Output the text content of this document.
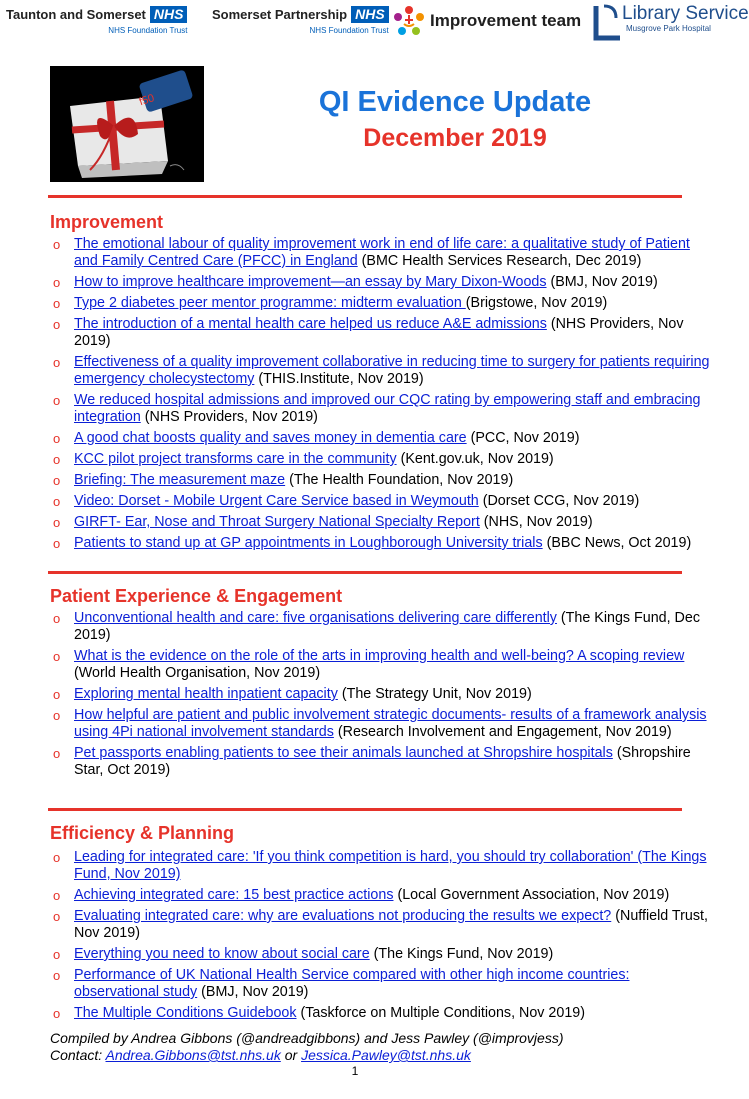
Taunton and Somerset NHS
NHS Foundation Trust
Somerset Partnership NHS
NHS Foundation Trust
Improvement team Library Service
Musgrove Park Hospital
f50	QI Evidence Update
December 2019
Improvement
o The emotional labour of quality improvement work in end of life care: a qualitative study of Patient and Family Centred Care (PFCC) in England (BMC Health Services Research, Dec 2019)
o How to improve healthcare improvement—an essay by Mary Dixon-Woods (BMJ, Nov 2019)
o Type 2 diabetes peer mentor programme: midterm evaluation (Brigstowe, Nov 2019)
o The introduction of a mental health care helped us reduce A&E admissions (NHS Providers, Nov 2019)
o Effectiveness of a quality improvement collaborative in reducing time to surgery for patients requiring emergency cholecystectomy (THIS.Institute, Nov 2019)
o We reduced hospital admissions and improved our CQC rating by empowering staff and embracing integration (NHS Providers, Nov 2019)
o A good chat boosts quality and saves money in dementia care (PCC, Nov 2019)
o KCC pilot project transforms care in the community (Kent.gov.uk, Nov 2019)
o Briefing: The measurement maze (The Health Foundation, Nov 2019)
o Video: Dorset - Mobile Urgent Care Service based in Weymouth (Dorset CCG, Nov 2019)
o GIRFT- Ear, Nose and Throat Surgery National Specialty Report (NHS, Nov 2019)
o Patients to stand up at GP appointments in Loughborough University trials (BBC News, Oct 2019)
Patient Experience & Engagement
o Unconventional health and care: five organisations delivering care differently (The Kings Fund, Dec 2019)
o What is the evidence on the role of the arts in improving health and well-being? A scoping review (World Health Organisation, Nov 2019)
o Exploring mental health inpatient capacity (The Strategy Unit, Nov 2019)
o How helpful are patient and public involvement strategic documents- results of a framework analysis using 4Pi national involvement standards (Research Involvement and Engagement, Nov 2019)
o Pet passports enabling patients to see their animals launched at Shropshire hospitals (Shropshire Star, Oct 2019)
Efficiency & Planning
o Leading for integrated care: 'If you think competition is hard, you should try collaboration' (The Kings Fund, Nov 2019)
o Achieving integrated care: 15 best practice actions (Local Government Association, Nov 2019)
o Evaluating integrated care: why are evaluations not producing the results we expect? (Nuffield Trust, Nov 2019)
o Everything you need to know about social care (The Kings Fund, Nov 2019)
o Performance of UK National Health Service compared with other high income countries: observational study (BMJ, Nov 2019)
o The Multiple Conditions Guidebook (Taskforce on Multiple Conditions, Nov 2019)
Compiled by Andrea Gibbons (@andreadgibbons) and Jess Pawley (@improvjess)
Contact: Andrea.Gibbons@tst.nhs.uk or Jessica.Pawley@tst.nhs.uk
1
